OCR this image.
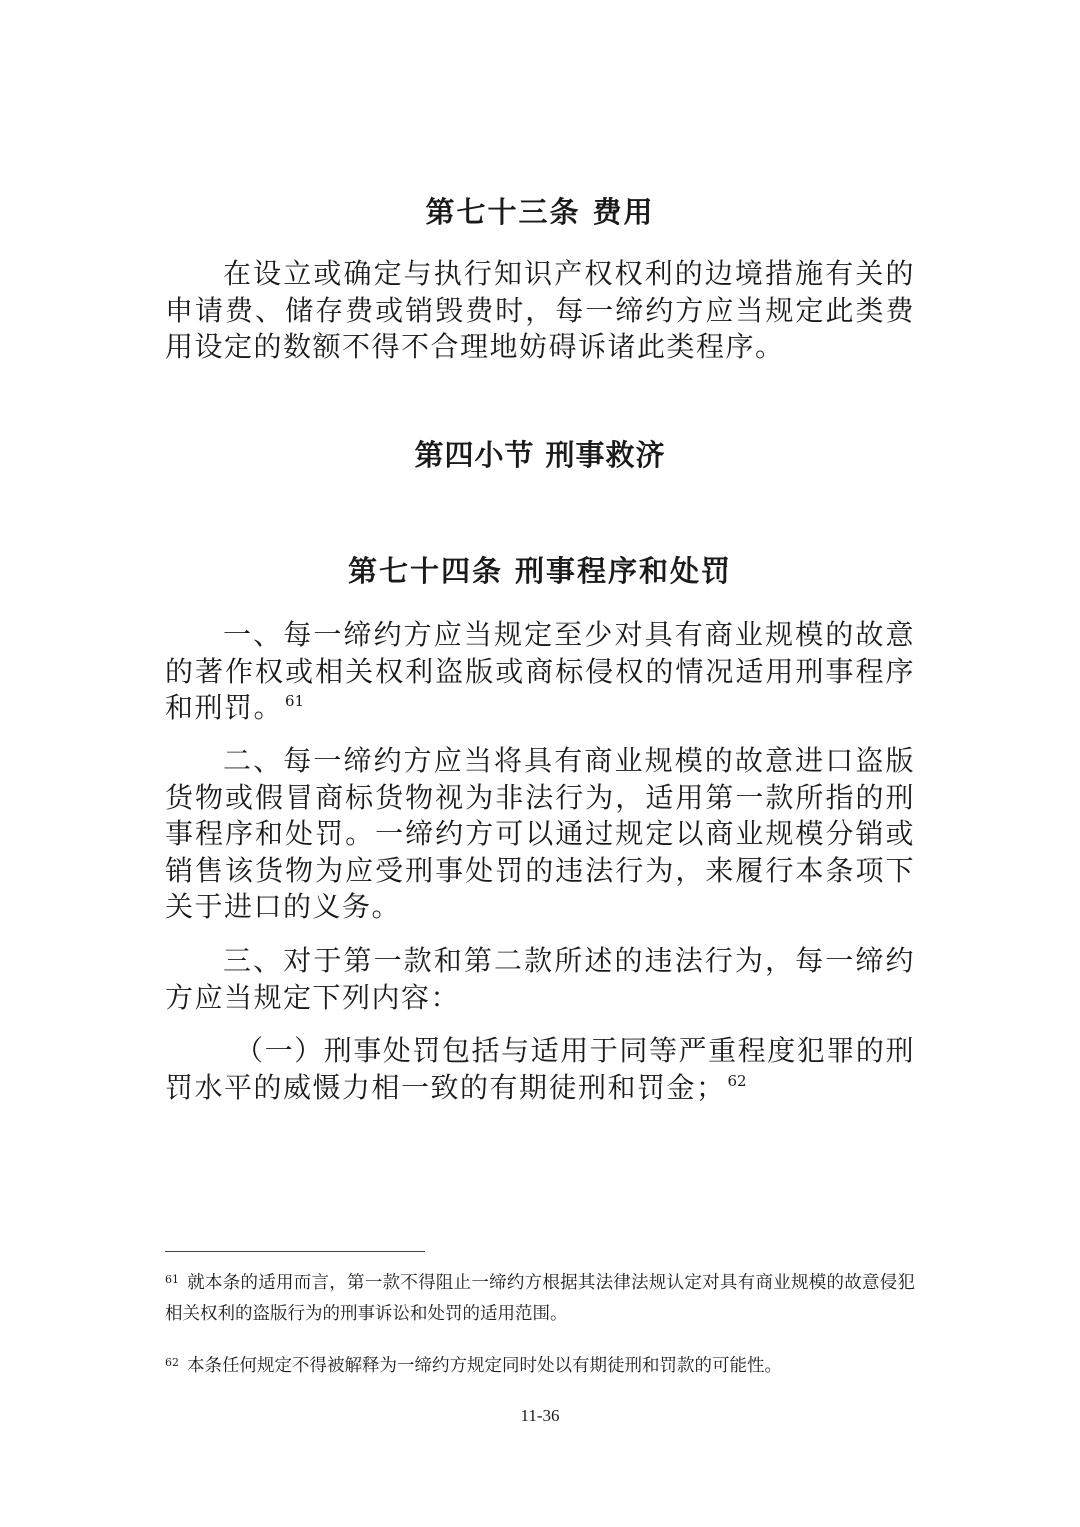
第七十三条 费用

在设立或确定与执行知识产权权利的边境措施有关的申请费、储存费或销毁费时，每一缔约方应当规定此类费用设定的数额不得不合理地妨碍诉诸此类程序。

第四小节 刑事救济
第七十四条 刑事程序和处罚

一、每一缔约方应当规定至少对具有商业规模的故意的著作权或相关权利盗版或商标侵权的情况适用刑事程序和刑罚。 $^{61}$

二、每一缔约方应当将具有商业规模的故意进口盗版货物或假冒商标货物视为非法行为，适用第一款所指的刑事程序和处罚。一缔约方可以通过规定以商业规模分销或销售该货物为应受刑事处罚的违法行为，来履行本条项下关于进口的义务。

三、对于第一款和第二款所述的违法行为，每一缔约方应当规定下列内容：

（一）刑事处罚包括与适用于同等严重程度犯罪的刑罚水平的威慑力相一致的有期徒刑和罚金； $^{62}$

$^{61}$ 就本条的适用而言，第一款不得阻止一缔约方根据其法律法规认定对具有商业规模的故意侵犯相关权利的盗版行为的刑事诉讼和处罚的适用范围。

$^{62}$ 本条任何规定不得被解释为一缔约方规定同时处以有期徒刑和罚款的可能性。

11-36
